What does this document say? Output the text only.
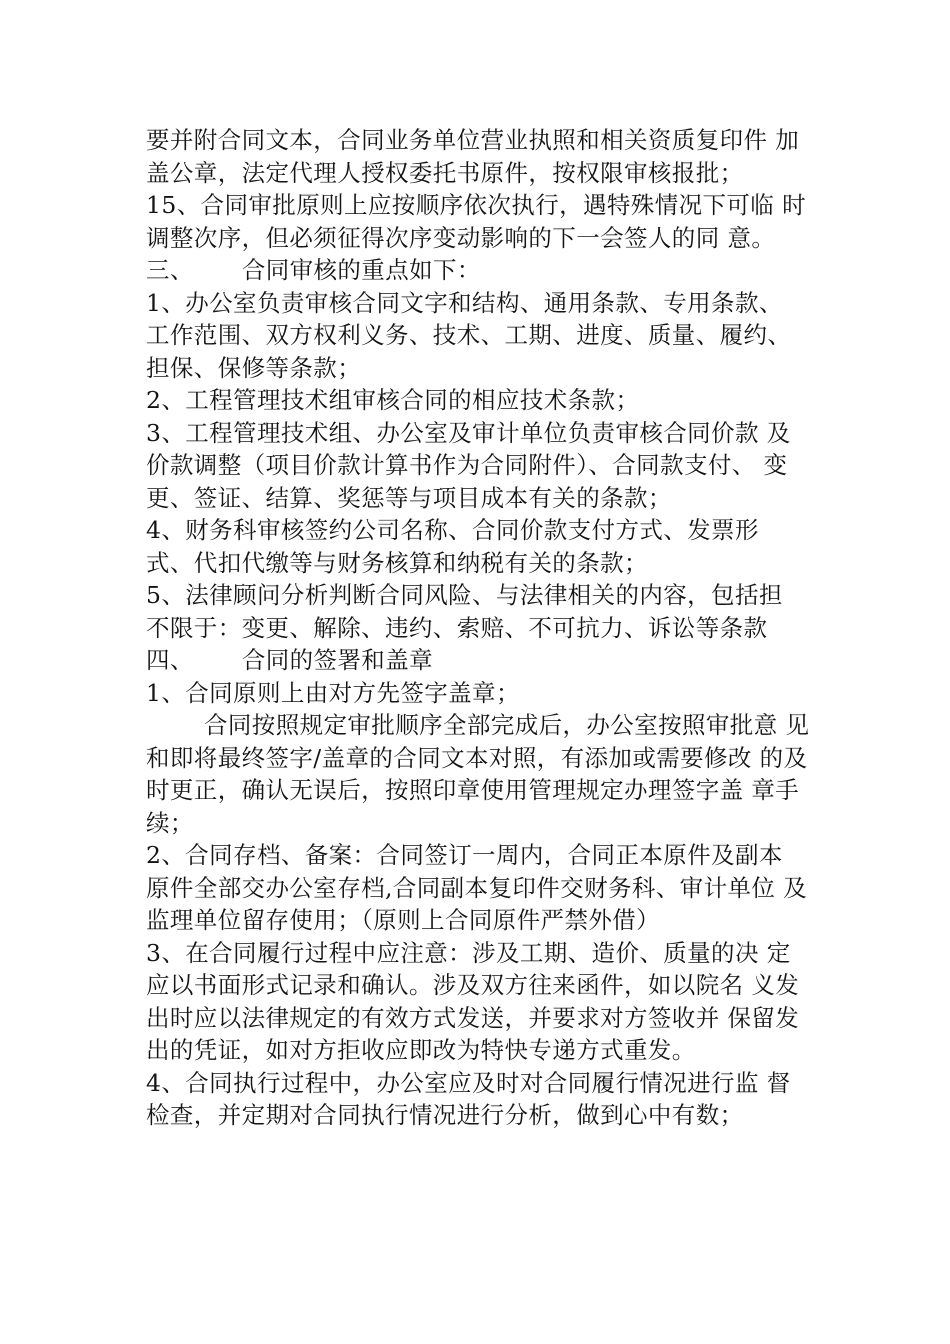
要并附合同文本，合同业务单位营业执照和相关资质复印件 加
盖公章，法定代理人授权委托书原件，按权限审核报批；
15、合同审批原则上应按顺序依次执行，遇特殊情况下可临 时
调整次序，但必须征得次序变动影响的下一会签人的同 意。
三、 合同审核的重点如下：
1、办公室负责审核合同文字和结构、通用条款、专用条款、
工作范围、双方权利义务、技术、工期、进度、质量、履约、
担保、保修等条款；
2、工程管理技术组审核合同的相应技术条款；
3、工程管理技术组、办公室及审计单位负责审核合同价款 及
价款调整（项目价款计算书作为合同附件）、合同款支付、 变
更、签证、结算、奖惩等与项目成本有关的条款；
4、财务科审核签约公司名称、合同价款支付方式、发票形
式、代扣代缴等与财务核算和纳税有关的条款；
5、法律顾问分析判断合同风险、与法律相关的内容，包括担
不限于：变更、解除、违约、索赔、不可抗力、诉讼等条款
四、 合同的签署和盖章
1、合同原则上由对方先签字盖章；
合同按照规定审批顺序全部完成后，办公室按照审批意 见
和即将最终签字/盖章的合同文本对照，有添加或需要修改 的及
时更正，确认无误后，按照印章使用管理规定办理签字盖 章手
续；
2、合同存档、备案：合同签订一周内，合同正本原件及副本
原件全部交办公室存档,合同副本复印件交财务科、审计单位 及
监理单位留存使用；（原则上合同原件严禁外借）
3、在合同履行过程中应注意：涉及工期、造价、质量的决 定
应以书面形式记录和确认。涉及双方往来函件，如以院名 义发
出时应以法律规定的有效方式发送，并要求对方签收并 保留发
出的凭证，如对方拒收应即改为特快专递方式重发。
4、合同执行过程中，办公室应及时对合同履行情况进行监 督
检查，并定期对合同执行情况进行分析，做到心中有数；
